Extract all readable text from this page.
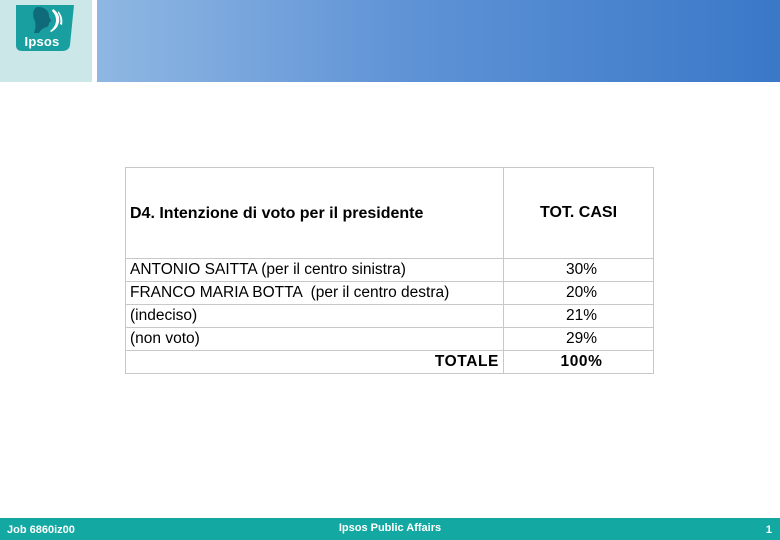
Ipsos
D4. Intenzione di voto per il presidente	TOT. CASI
ANTONIO SAITTA (per il centro sinistra)	30%
FRANCO MARIA BOTTA  (per il centro destra)	20%
(indeciso)	21%
(non voto)	29%
TOTALE	100%
Ipsos Public Affairs
Job 6860iz00	1
